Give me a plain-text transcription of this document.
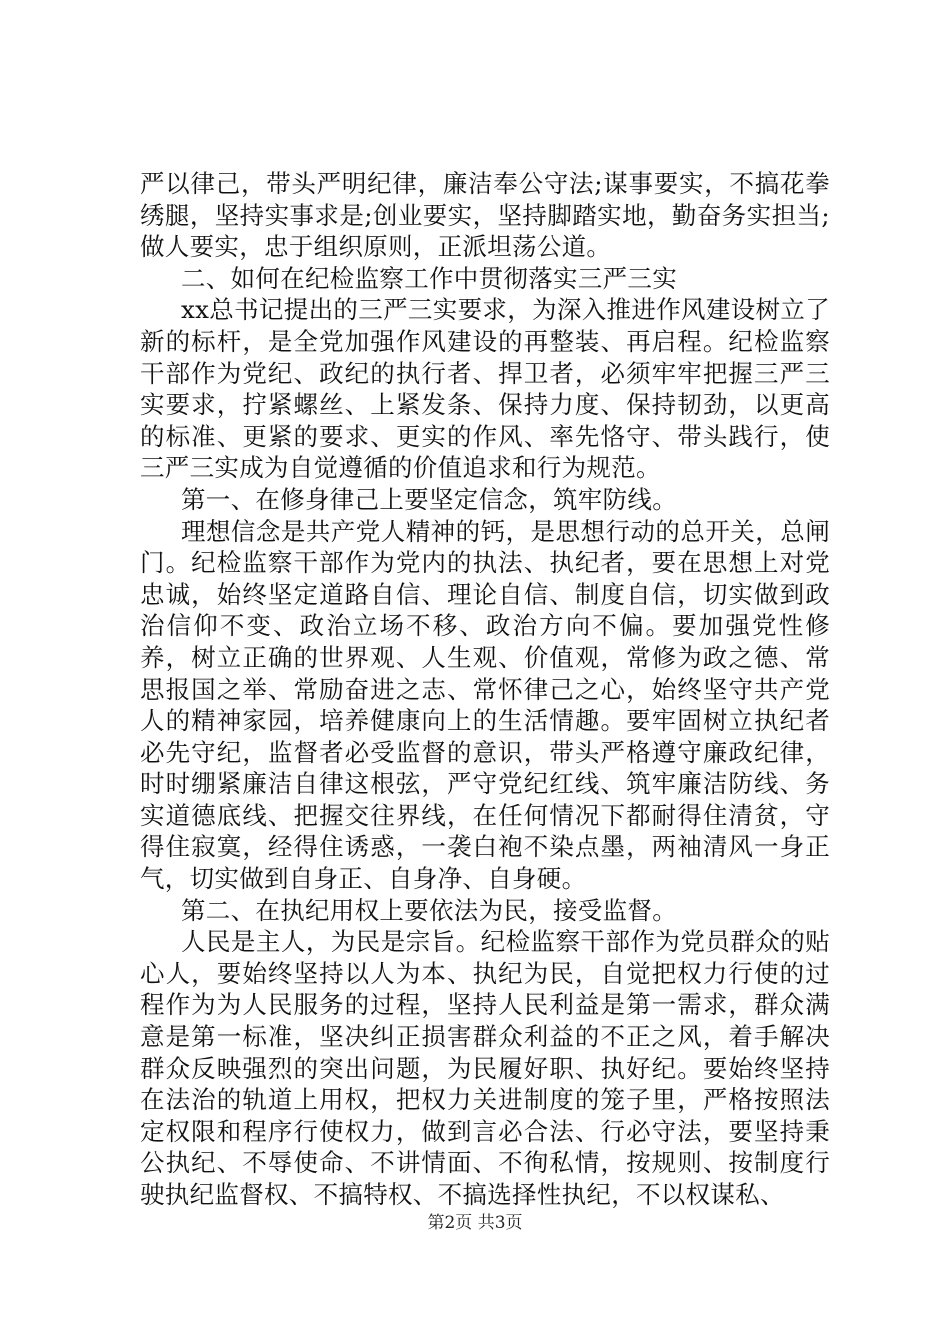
严以律己，带头严明纪律，廉洁奉公守法;谋事要实，不搞花拳绣腿，坚持实事求是;创业要实，坚持脚踏实地，勤奋务实担当;做人要实，忠于组织原则，正派坦荡公道。

二、如何在纪检监察工作中贯彻落实三严三实

xx总书记提出的三严三实要求，为深入推进作风建设树立了新的标杆，是全党加强作风建设的再整装、再启程。纪检监察干部作为党纪、政纪的执行者、捍卫者，必须牢牢把握三严三实要求，拧紧螺丝、上紧发条、保持力度、保持韧劲，以更高的标准、更紧的要求、更实的作风、率先恪守、带头践行，使三严三实成为自觉遵循的价值追求和行为规范。

第一、在修身律己上要坚定信念，筑牢防线。

理想信念是共产党人精神的钙，是思想行动的总开关，总闸门。纪检监察干部作为党内的执法、执纪者，要在思想上对党忠诚，始终坚定道路自信、理论自信、制度自信，切实做到政治信仰不变、政治立场不移、政治方向不偏。要加强党性修养，树立正确的世界观、人生观、价值观，常修为政之德、常思报国之举、常励奋进之志、常怀律己之心，始终坚守共产党人的精神家园，培养健康向上的生活情趣。要牢固树立执纪者必先守纪，监督者必受监督的意识，带头严格遵守廉政纪律，时时绷紧廉洁自律这根弦，严守党纪红线、筑牢廉洁防线、务实道德底线、把握交往界线，在任何情况下都耐得住清贫，守得住寂寞，经得住诱惑，一袭白袍不染点墨，两袖清风一身正气，切实做到自身正、自身净、自身硬。

第二、在执纪用权上要依法为民，接受监督。

人民是主人，为民是宗旨。纪检监察干部作为党员群众的贴心人，要始终坚持以人为本、执纪为民，自觉把权力行使的过程作为为人民服务的过程，坚持人民利益是第一需求，群众满意是第一标准，坚决纠正损害群众利益的不正之风，着手解决群众反映强烈的突出问题，为民履好职、执好纪。要始终坚持在法治的轨道上用权，把权力关进制度的笼子里，严格按照法定权限和程序行使权力，做到言必合法、行必守法，要坚持秉公执纪、不辱使命、不讲情面、不徇私情，按规则、按制度行驶执纪监督权、不搞特权、不搞选择性执纪，不以权谋私、

第2页 共3页
